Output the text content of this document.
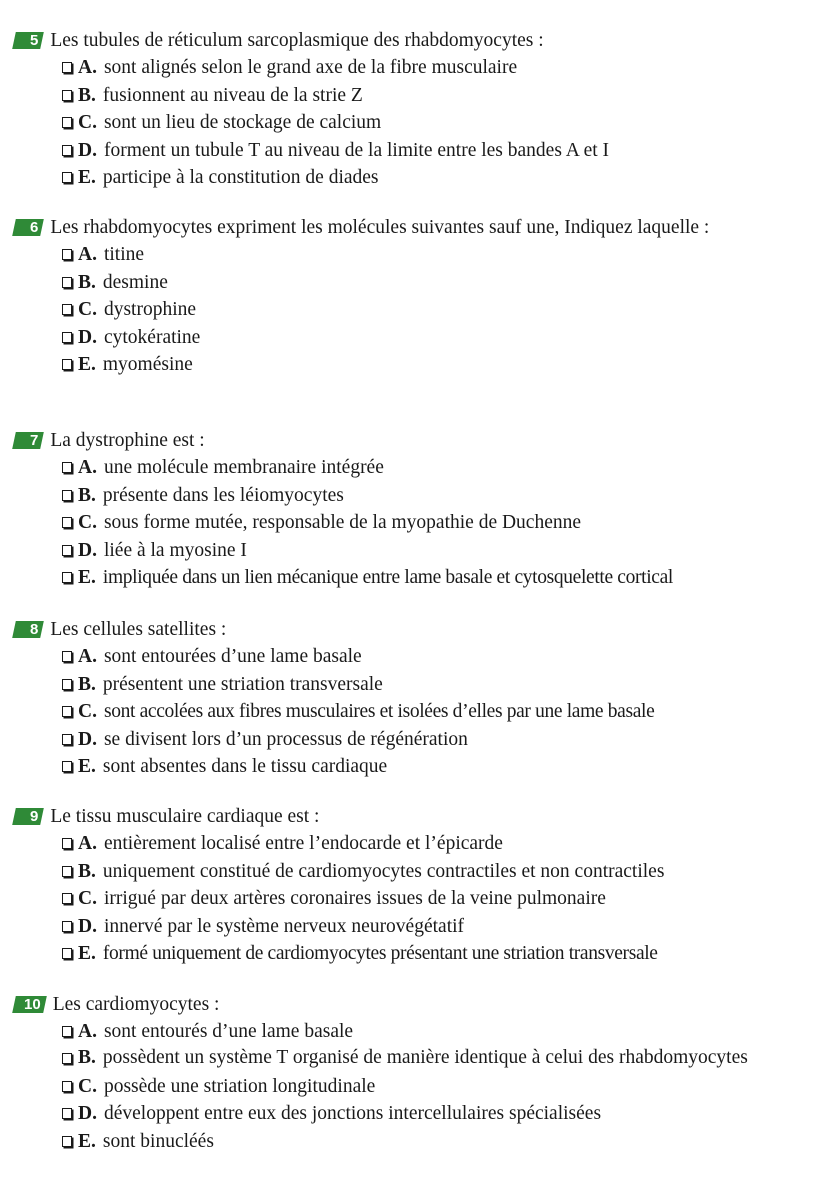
5 Les tubules de réticulum sarcoplasmique des rhabdomyocytes :
A. sont alignés selon le grand axe de la fibre musculaire
B. fusionnent au niveau de la strie Z
C. sont un lieu de stockage de calcium
D. forment un tubule T au niveau de la limite entre les bandes A et I
E. participe à la constitution de diades
6 Les rhabdomyocytes expriment les molécules suivantes sauf une, Indiquez laquelle :
A. titine
B. desmine
C. dystrophine
D. cytokératine
E. myomésine
7 La dystrophine est :
A. une molécule membranaire intégrée
B. présente dans les léiomyocytes
C. sous forme mutée, responsable de la myopathie de Duchenne
D. liée à la myosine I
E. impliquée dans un lien mécanique entre lame basale et cytosquelette cortical
8 Les cellules satellites :
A. sont entourées d’une lame basale
B. présentent une striation transversale
C. sont accolées aux fibres musculaires et isolées d’elles par une lame basale
D. se divisent lors d’un processus de régénération
E. sont absentes dans le tissu cardiaque
9 Le tissu musculaire cardiaque est :
A. entièrement localisé entre l’endocarde et l’épicarde
B. uniquement constitué de cardiomyocytes contractiles et non contractiles
C. irrigué par deux artères coronaires issues de la veine pulmonaire
D. innervé par le système nerveux neurovégétatif
E. formé uniquement de cardiomyocytes présentant une striation transversale
10 Les cardiomyocytes :
A. sont entourés d’une lame basale
B. possèdent un système T organisé de manière identique à celui des rhabdomyocytes
C. possède une striation longitudinale
D. développent entre eux des jonctions intercellulaires spécialisées
E. sont binucléés
